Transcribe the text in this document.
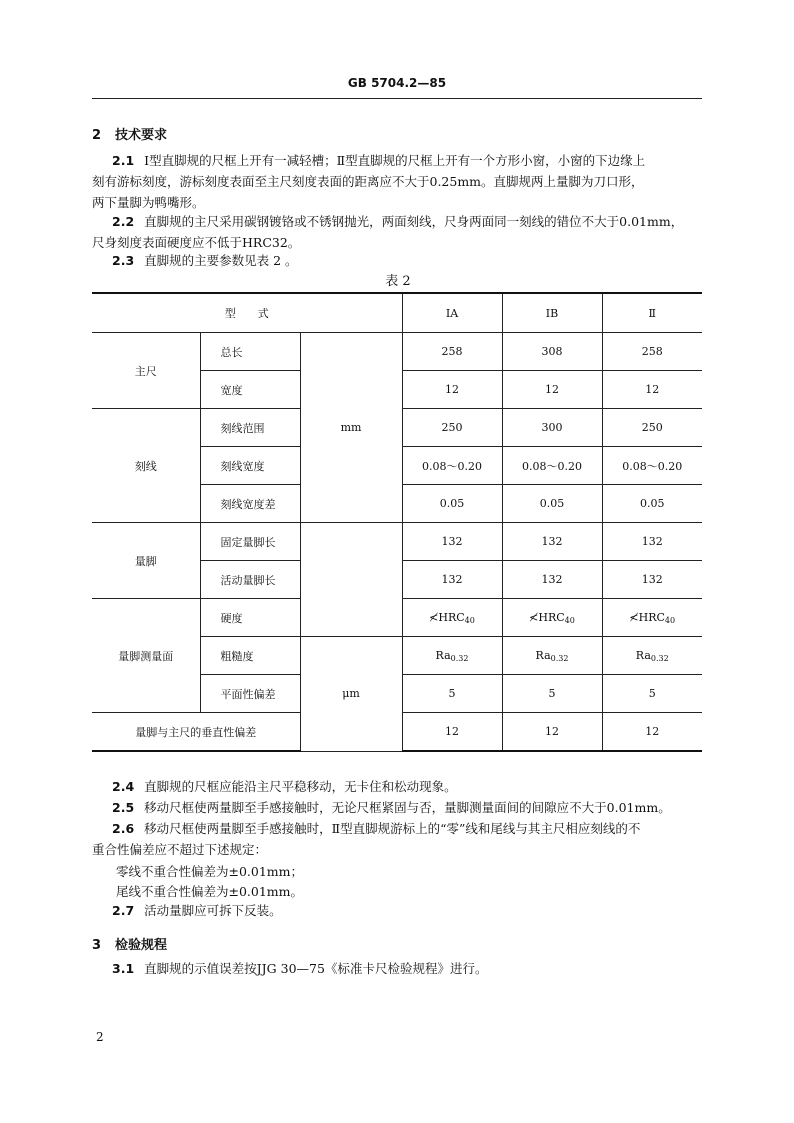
GB 5704.2—85
2 技术要求
2.1 Ⅰ型直脚规的尺框上开有一减轻槽；Ⅱ型直脚规的尺框上开有一个方形小窗，小窗的下边缘上
刻有游标刻度，游标刻度表面至主尺刻度表面的距离应不大于0.25mm。直脚规两上量脚为刀口形，
两下量脚为鸭嘴形。
2.2 直脚规的主尺采用碳钢镀铬或不锈钢抛光，两面刻线，尺身两面同一刻线的错位不大于0.01mm，
尺身刻度表面硬度应不低于HRC32。
2.3 直脚规的主要参数见表 2 。
表 2
型　　式			ⅠA	ⅠB	Ⅱ
主尺	总长	mm	258	308	258
	宽度		12	12	12
刻线	刻线范围		250	300	250
	刻线宽度		0.08～0.20	0.08～0.20	0.08～0.20
	刻线宽度差		0.05	0.05	0.05
量脚	固定量脚长		132	132	132
	活动量脚长		132	132	132
量脚测量面	硬度		$≮HRC_{40}$	$≮HRC_{40}$	$≮HRC_{40}$
	粗糙度	μm	$Ra_{0.32}$	$Ra_{0.32}$	$Ra_{0.32}$
	平面性偏差		5	5	5
量脚与主尺的垂直性偏差			12	12	12
2.4 直脚规的尺框应能沿主尺平稳移动，无卡住和松动现象。
2.5 移动尺框使两量脚至手感接触时，无论尺框紧固与否，量脚测量面间的间隙应不大于0.01mm。
2.6 移动尺框使两量脚至手感接触时，Ⅱ型直脚规游标上的“零”线和尾线与其主尺相应刻线的不
重合性偏差应不超过下述规定：
零线不重合性偏差为±0.01mm；
尾线不重合性偏差为±0.01mm。
2.7 活动量脚应可拆下反装。
3 检验规程
3.1 直脚规的示值误差按JJG 30—75《标准卡尺检验规程》进行。
2
